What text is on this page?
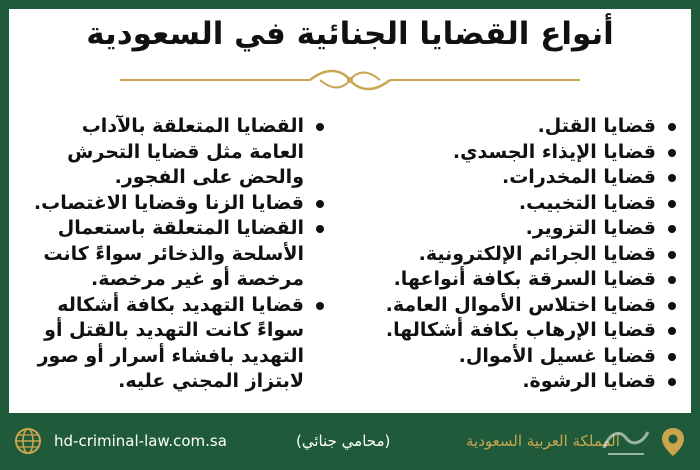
أنواع القضايا الجنائية في السعودية
قضايا القتل.
قضايا الإيذاء الجسدي.
قضايا المخدرات.
قضايا التخبيب.
قضايا التزوير.
قضايا الجرائم الإلكترونية.
قضايا السرقة بكافة أنواعها.
قضايا اختلاس الأموال العامة.
قضايا الإرهاب بكافة أشكالها.
قضايا غسيل الأموال.
قضايا الرشوة.
القضايا المتعلقة بالآداب العامة مثل قضايا التحرش والحض على الفجور.
قضايا الزنا وقضايا الاغتصاب.
القضايا المتعلقة باستعمال الأسلحة والذخائر سواءً كانت مرخصة أو غير مرخصة.
قضايا التهديد بكافة أشكاله سواءً كانت التهديد بالقتل أو التهديد بافشاء أسرار أو صور لابتزاز المجني عليه.
hd-criminal-law.com.sa	(محامي جنائي)	المملكة العربية السعودية
